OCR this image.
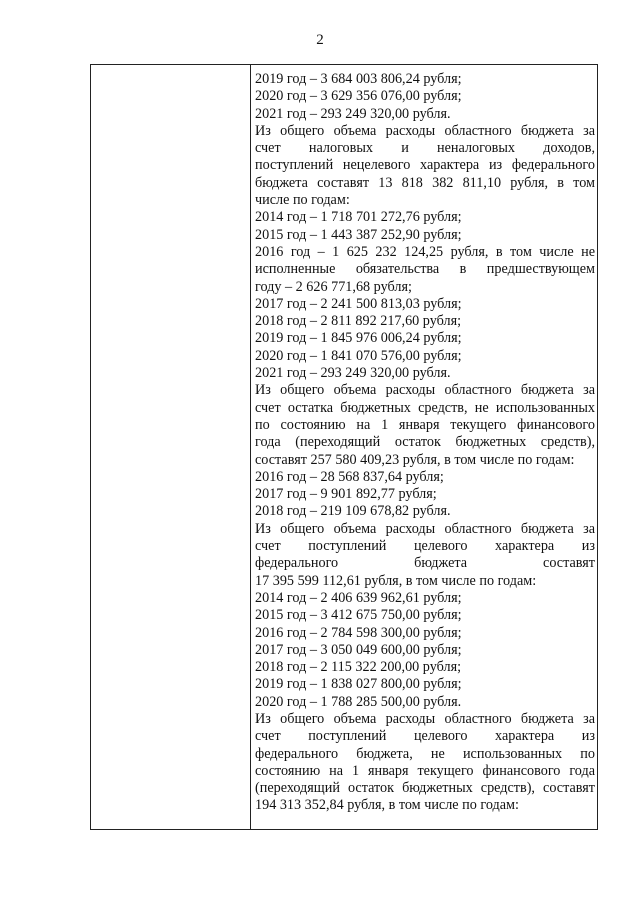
2
2019 год – 3 684 003 806,24 рубля;
2020 год – 3 629 356 076,00 рубля;
2021 год – 293 249 320,00 рубля.
Из общего объема расходы областного бюджета за
счет налоговых и неналоговых доходов,
поступлений нецелевого характера из федерального
бюджета составят 13 818 382 811,10 рубля, в том
числе по годам:
2014 год – 1 718 701 272,76 рубля;
2015 год – 1 443 387 252,90 рубля;
2016 год – 1 625 232 124,25 рубля, в том числе не
исполненные обязательства в предшествующем
году – 2 626 771,68 рубля;
2017 год – 2 241 500 813,03 рубля;
2018 год – 2 811 892 217,60 рубля;
2019 год – 1 845 976 006,24 рубля;
2020 год – 1 841 070 576,00 рубля;
2021 год – 293 249 320,00 рубля.
Из общего объема расходы областного бюджета за
счет остатка бюджетных средств, не использованных
по состоянию на 1 января текущего финансового
года (переходящий остаток бюджетных средств),
составят 257 580 409,23 рубля, в том числе по годам:
2016 год – 28 568 837,64 рубля;
2017 год – 9 901 892,77 рубля;
2018 год – 219 109 678,82 рубля.
Из общего объема расходы областного бюджета за
счет поступлений целевого характера из
федерального бюджета составят
17 395 599 112,61 рубля, в том числе по годам:
2014 год – 2 406 639 962,61 рубля;
2015 год – 3 412 675 750,00 рубля;
2016 год – 2 784 598 300,00 рубля;
2017 год – 3 050 049 600,00 рубля;
2018 год – 2 115 322 200,00 рубля;
2019 год – 1 838 027 800,00 рубля;
2020 год – 1 788 285 500,00 рубля.
Из общего объема расходы областного бюджета за
счет поступлений целевого характера из
федерального бюджета, не использованных по
состоянию на 1 января текущего финансового года
(переходящий остаток бюджетных средств), составят
194 313 352,84 рубля, в том числе по годам:
